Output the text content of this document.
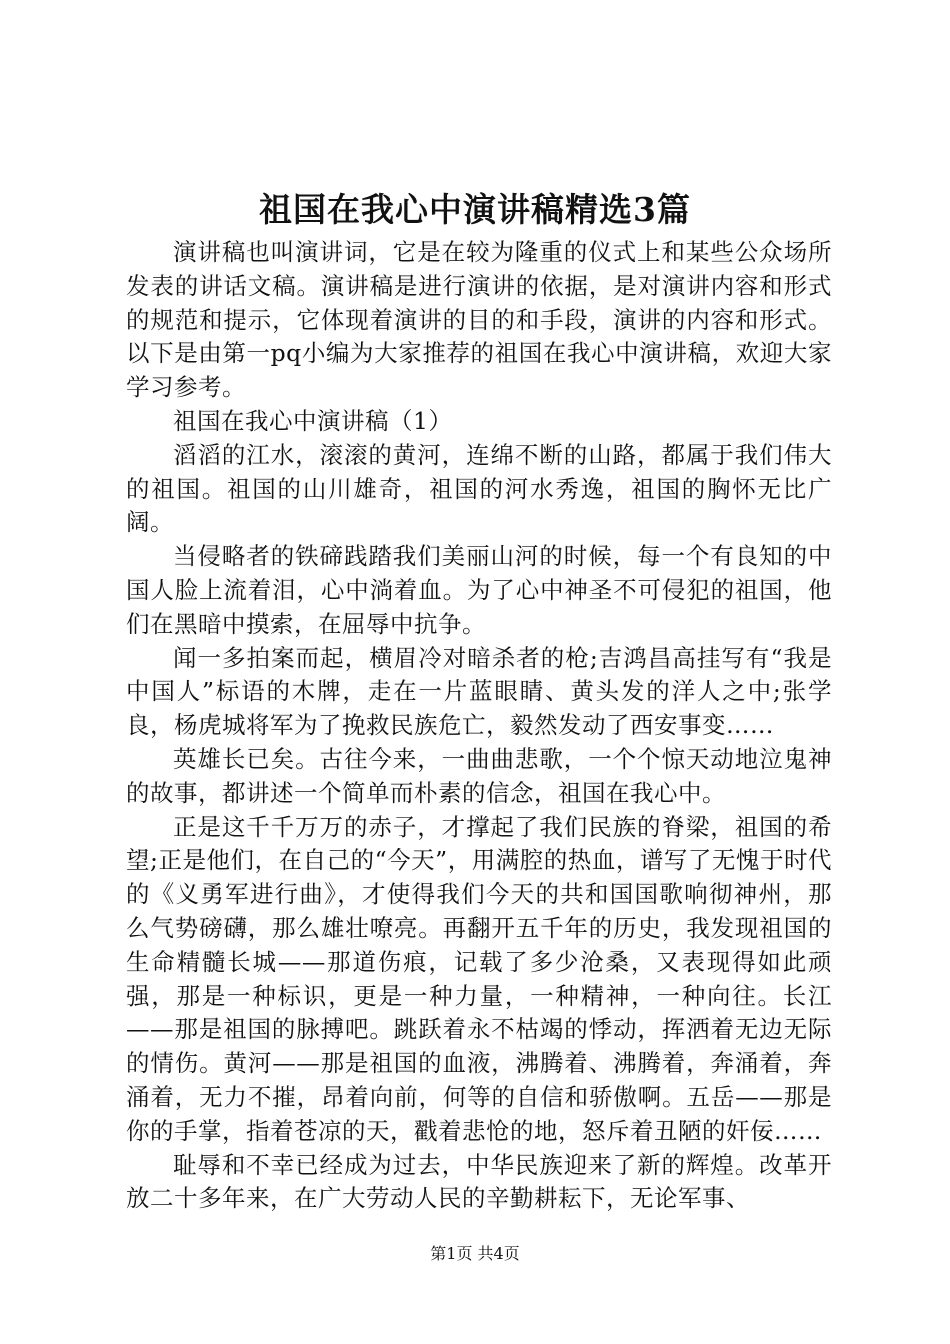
祖国在我心中演讲稿精选3篇

演讲稿也叫演讲词，它是在较为隆重的仪式上和某些公众场所发表的讲话文稿。演讲稿是进行演讲的依据，是对演讲内容和形式的规范和提示，它体现着演讲的目的和手段，演讲的内容和形式。以下是由第一pq小编为大家推荐的祖国在我心中演讲稿，欢迎大家学习参考。

祖国在我心中演讲稿（1）

滔滔的江水，滚滚的黄河，连绵不断的山路，都属于我们伟大的祖国。祖国的山川雄奇，祖国的河水秀逸，祖国的胸怀无比广阔。

当侵略者的铁碲践踏我们美丽山河的时候，每一个有良知的中国人脸上流着泪，心中淌着血。为了心中神圣不可侵犯的祖国，他们在黑暗中摸索，在屈辱中抗争。

闻一多拍案而起，横眉冷对暗杀者的枪;吉鸿昌高挂写有“我是中国人”标语的木牌，走在一片蓝眼睛、黄头发的洋人之中;张学良，杨虎城将军为了挽救民族危亡，毅然发动了西安事变……

英雄长已矣。古往今来，一曲曲悲歌，一个个惊天动地泣鬼神的故事，都讲述一个简单而朴素的信念，祖国在我心中。

正是这千千万万的赤子，才撑起了我们民族的脊梁，祖国的希望;正是他们，在自己的“今天”，用满腔的热血，谱写了无愧于时代的《义勇军进行曲》，才使得我们今天的共和国国歌响彻神州，那么气势磅礴，那么雄壮嘹亮。再翻开五千年的历史，我发现祖国的生命精髓长城——那道伤痕，记载了多少沧桑，又表现得如此顽强，那是一种标识，更是一种力量，一种精神，一种向往。长江——那是祖国的脉搏吧。跳跃着永不枯竭的悸动，挥洒着无边无际的情伤。黄河——那是祖国的血液，沸腾着、沸腾着，奔涌着，奔涌着，无力不摧，昂着向前，何等的自信和骄傲啊。五岳——那是你的手掌，指着苍凉的天，戳着悲怆的地，怒斥着丑陋的奸佞……

耻辱和不幸已经成为过去，中华民族迎来了新的辉煌。改革开放二十多年来，在广大劳动人民的辛勤耕耘下，无论军事、

第1页 共4页
